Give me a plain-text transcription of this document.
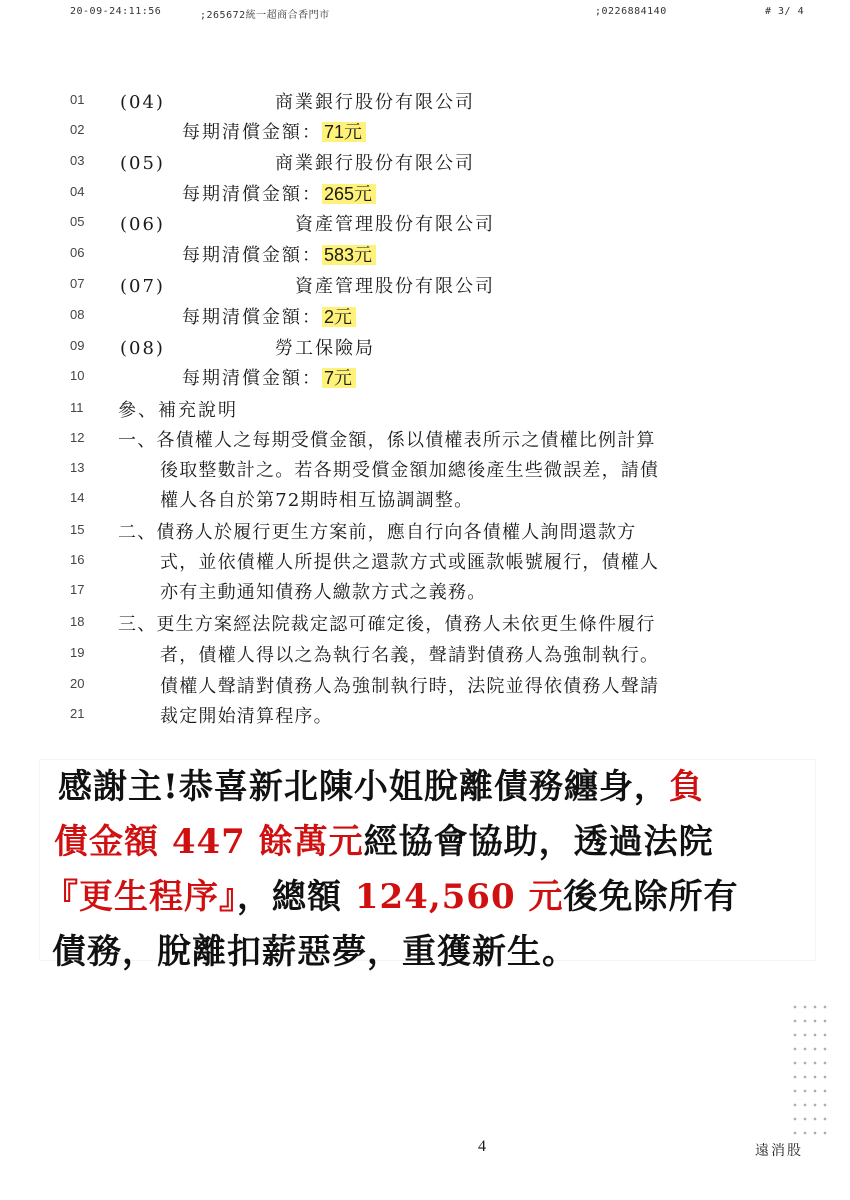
20-09-24:11:56	;265672統一超商合香門市	;0226884140	# 3/ 4
01	(04)	商業銀行股份有限公司
02	每期清償金額： 71元
03	(05)	商業銀行股份有限公司
04	每期清償金額： 265元
05	(06)	資產管理股份有限公司
06	每期清償金額： 583元
07	(07)	資產管理股份有限公司
08	每期清償金額： 2元
09	(08)	勞工保險局
10	每期清償金額： 7元
11	參、補充說明
12	一、各債權人之每期受償金額，係以債權表所示之債權比例計算
13	後取整數計之。若各期受償金額加總後產生些微誤差，請債
14	權人各自於第72期時相互協調調整。
15	二、債務人於履行更生方案前，應自行向各債權人詢問還款方
16	式，並依債權人所提供之還款方式或匯款帳號履行，債權人
17	亦有主動通知債務人繳款方式之義務。
18	三、更生方案經法院裁定認可確定後，債務人未依更生條件履行
19	者，債權人得以之為執行名義，聲請對債務人為強制執行。
20	債權人聲請對債務人為強制執行時，法院並得依債務人聲請
21	裁定開始清算程序。

感謝主!恭喜新北陳小姐脫離債務纏身，負

債金額 447 餘萬元經協會協助，透過法院

『更生程序』，總額 124,560 元後免除所有

債務，脫離扣薪惡夢，重獲新生。

4	遠消股
